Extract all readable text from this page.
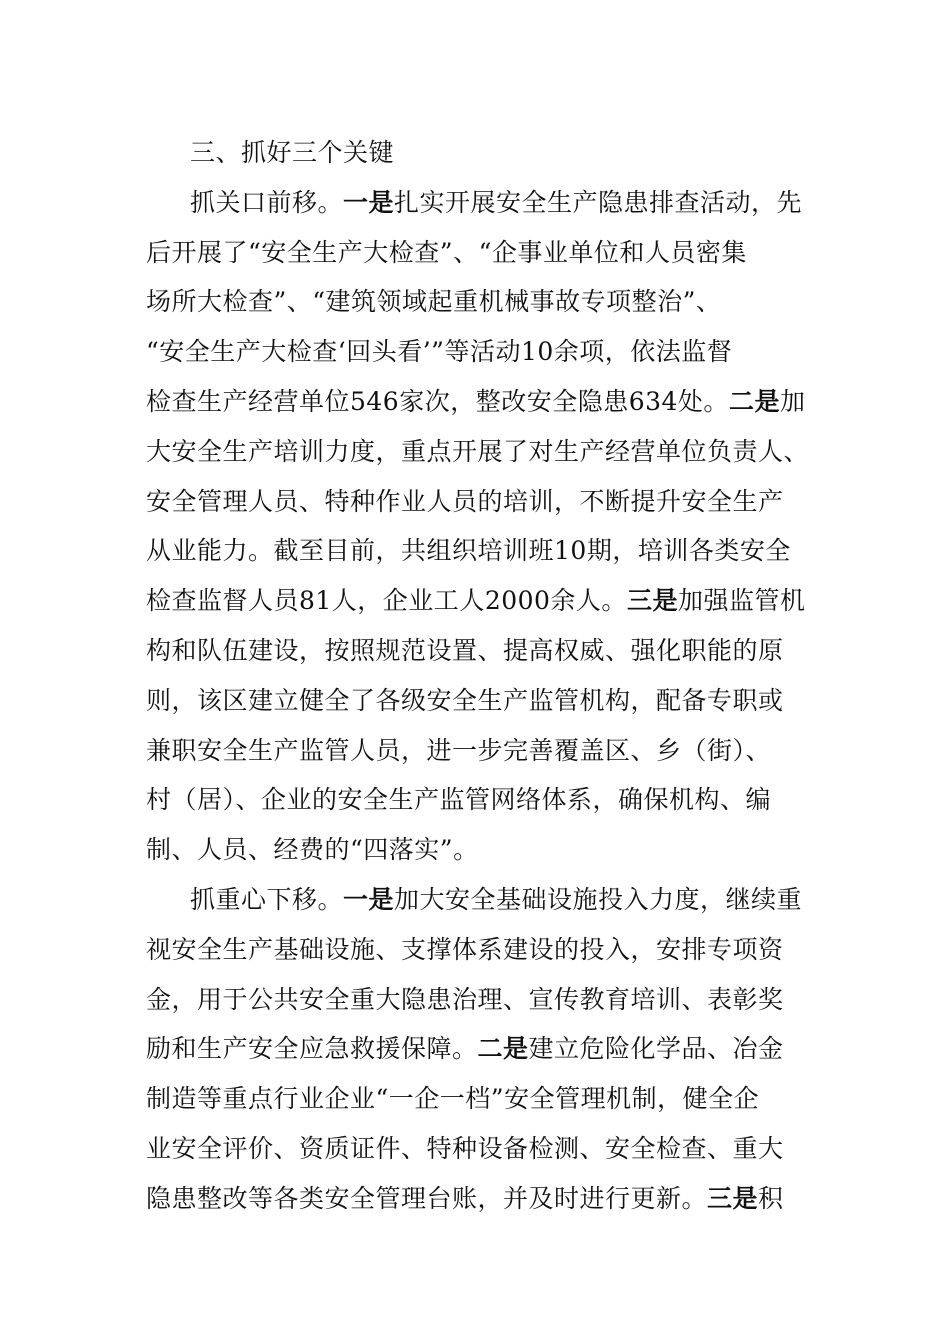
三、抓好三个关键
抓关口前移。一是扎实开展安全生产隐患排查活动，先
后开展了“安全生产大检查”、“企事业单位和人员密集
场所大检查”、“建筑领域起重机械事故专项整治”、
“安全生产大检查‘回头看’”等活动10余项，依法监督
检查生产经营单位546家次，整改安全隐患634处。二是加
大安全生产培训力度，重点开展了对生产经营单位负责人、
安全管理人员、特种作业人员的培训，不断提升安全生产
从业能力。截至目前，共组织培训班10期，培训各类安全
检查监督人员81人，企业工人2000余人。三是加强监管机
构和队伍建设，按照规范设置、提高权威、强化职能的原
则，该区建立健全了各级安全生产监管机构，配备专职或
兼职安全生产监管人员，进一步完善覆盖区、乡（街）、
村（居）、企业的安全生产监管网络体系，确保机构、编
制、人员、经费的“四落实”。
抓重心下移。一是加大安全基础设施投入力度，继续重
视安全生产基础设施、支撑体系建设的投入，安排专项资
金，用于公共安全重大隐患治理、宣传教育培训、表彰奖
励和生产安全应急救援保障。二是建立危险化学品、冶金
制造等重点行业企业“一企一档”安全管理机制，健全企
业安全评价、资质证件、特种设备检测、安全检查、重大
隐患整改等各类安全管理台账，并及时进行更新。三是积
